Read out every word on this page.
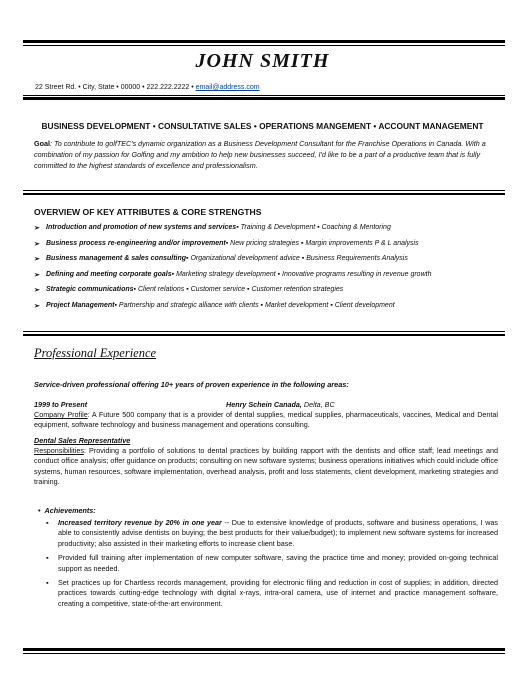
JOHN SMITH
22 Street Rd. • City, State • 00000 • 222.222.2222 • email@address.com
BUSINESS DEVELOPMENT • CONSULTATIVE SALES • OPERATIONS MANGEMENT • ACCOUNT MANAGEMENT
Goal: To contribute to golfTEC's dynamic organization as a Business Development Consultant for the Franchise Operations in Canada. With a combination of my passion for Golfing and my ambition to help new businesses succeed, I'd like to be a part of a productive team that is fully committed to the highest standards of excellence and professionalism.
OVERVIEW OF KEY ATTRIBUTES & CORE STRENGTHS
➢ Introduction and promotion of new systems and services ▪ Training & Development ▪ Coaching & Mentoring
➢ Business process re-engineering and/or improvement ▪ New pricing strategies ▪ Margin improvements P & L analysis
➢ Business management & sales consulting ▪ Organizational development advice ▪ Business Requirements Analysis
➢ Defining and meeting corporate goals ▪ Marketing strategy development ▪ Innovative programs resulting in revenue growth
➢ Strategic communications ▪ Client relations ▪ Customer service ▪ Customer retention strategies
➢ Project Management ▪ Partnership and strategic alliance with clients ▪ Market development ▪ Client development
Professional Experience
Service-driven professional offering 10+ years of proven experience in the following areas:
1999 to Present	Henry Schein Canada, Delta, BC
Company Profile: A Future 500 company that is a provider of dental supplies, medical supplies, pharmaceuticals, vaccines, Medical and Dental equipment, software technology and business management and operations consulting.
Dental Sales Representative
Responsibilities: Providing a portfolio of solutions to dental practices by building rapport with the dentists and office staff; lead meetings and conduct office analysis; offer guidance on products; consulting on new software systems; business operations initiatives which could include office systems, human resources, software implementation, overhead analysis, profit and loss statements, client development, marketing strategies and training.
• Achievements:
▪	Increased territory revenue by 20% in one year -- Due to extensive knowledge of products, software and business operations, I was able to consistently advise dentists on buying; the best products for their value/budget); to implement new software systems for increased productivity; also assisted in their marketing efforts to increase client base.
▪	Provided full training after implementation of new computer software, saving the practice time and money; provided on-going technical support as needed.
▪	Set practices up for Chartless records management, providing for electronic filing and reduction in cost of supplies; in addition, directed practices towards cutting-edge technology with digital x-rays, intra-oral camera, use of internet and practice management software, creating a competitive, state-of-the-art environment.
